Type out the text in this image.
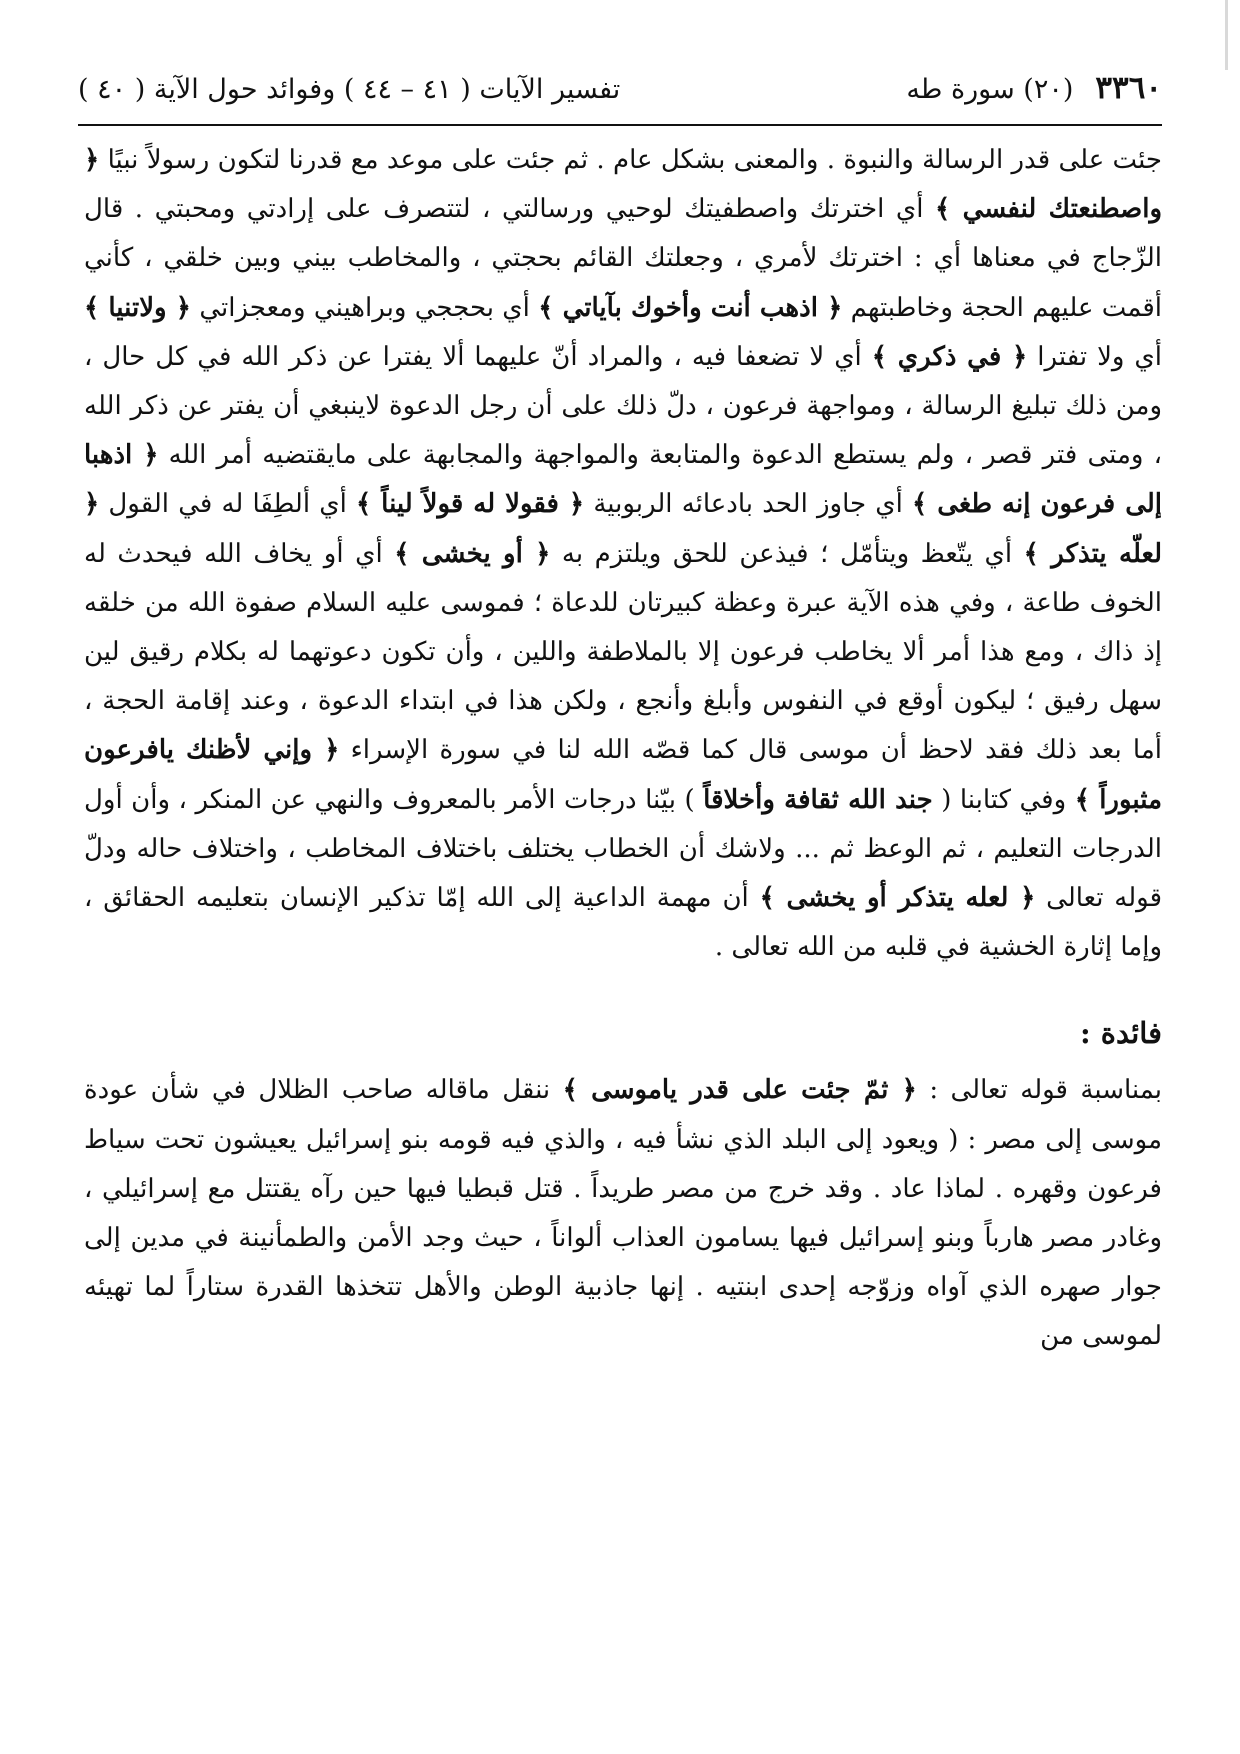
٣٣٦٠
(٢٠) سورة طه
تفسير الآيات ( ٤١ – ٤٤ ) وفوائد حول الآية ( ٤٠ )

جئت على قدر الرسالة والنبوة . والمعنى بشكل عام . ثم جئت على موعد مع قدرنا لتكون رسولاً نبيًا ﴿ واصطنعتك لنفسي ﴾ أي اخترتك واصطفيتك لوحيي ورسالتي ، لتتصرف على إرادتي ومحبتي . قال الزّجاج في معناها أي : اخترتك لأمري ، وجعلتك القائم بحجتي ، والمخاطب بيني وبين خلقي ، كأني أقمت عليهم الحجة وخاطبتهم ﴿ اذهب أنت وأخوك بآياتي ﴾ أي بحججي وبراهيني ومعجزاتي ﴿ ولاتنيا ﴾ أي ولا تفترا ﴿ في ذكري ﴾ أي لا تضعفا فيه ، والمراد أنّ عليهما ألا يفترا عن ذكر الله في كل حال ، ومن ذلك تبليغ الرسالة ، ومواجهة فرعون ، دلّ ذلك على أن رجل الدعوة لاينبغي أن يفتر عن ذكر الله ، ومتى فتر قصر ، ولم يستطع الدعوة والمتابعة والمواجهة والمجابهة على مايقتضيه أمر الله ﴿ اذهبا إلى فرعون إنه طغى ﴾ أي جاوز الحد بادعائه الربوبية ﴿ فقولا له قولاً ليناً ﴾ أي ألطِفَا له في القول ﴿ لعلّه يتذكر ﴾ أي يتّعظ ويتأمّل ؛ فيذعن للحق ويلتزم به ﴿ أو يخشى ﴾ أي أو يخاف الله فيحدث له الخوف طاعة ، وفي هذه الآية عبرة وعظة كبيرتان للدعاة ؛ فموسى عليه السلام صفوة الله من خلقه إذ ذاك ، ومع هذا أمر ألا يخاطب فرعون إلا بالملاطفة واللين ، وأن تكون دعوتهما له بكلام رقيق لين سهل رفيق ؛ ليكون أوقع في النفوس وأبلغ وأنجع ، ولكن هذا في ابتداء الدعوة ، وعند إقامة الحجة ، أما بعد ذلك فقد لاحظ أن موسى قال كما قصّه الله لنا في سورة الإسراء ﴿ وإني لأظنك يافرعون مثبوراً ﴾ وفي كتابنا ( جند الله ثقافة وأخلاقاً ) بيّنا درجات الأمر بالمعروف والنهي عن المنكر ، وأن أول الدرجات التعليم ، ثم الوعظ ثم ... ولاشك أن الخطاب يختلف باختلاف المخاطب ، واختلاف حاله ودلّ قوله تعالى ﴿ لعله يتذكر أو يخشى ﴾ أن مهمة الداعية إلى الله إمّا تذكير الإنسان بتعليمه الحقائق ، وإما إثارة الخشية في قلبه من الله تعالى .

فائدة :

بمناسبة قوله تعالى : ﴿ ثمّ جئت على قدر ياموسى ﴾ ننقل ماقاله صاحب الظلال في شأن عودة موسى إلى مصر : ( ويعود إلى البلد الذي نشأ فيه ، والذي فيه قومه بنو إسرائيل يعيشون تحت سياط فرعون وقهره . لماذا عاد . وقد خرج من مصر طريداً . قتل قبطيا فيها حين رآه يقتتل مع إسرائيلي ، وغادر مصر هارباً وبنو إسرائيل فيها يسامون العذاب ألواناً ، حيث وجد الأمن والطمأنينة في مدين إلى جوار صهره الذي آواه وزوّجه إحدى ابنتيه . إنها جاذبية الوطن والأهل تتخذها القدرة ستاراً لما تهيئه لموسى من
